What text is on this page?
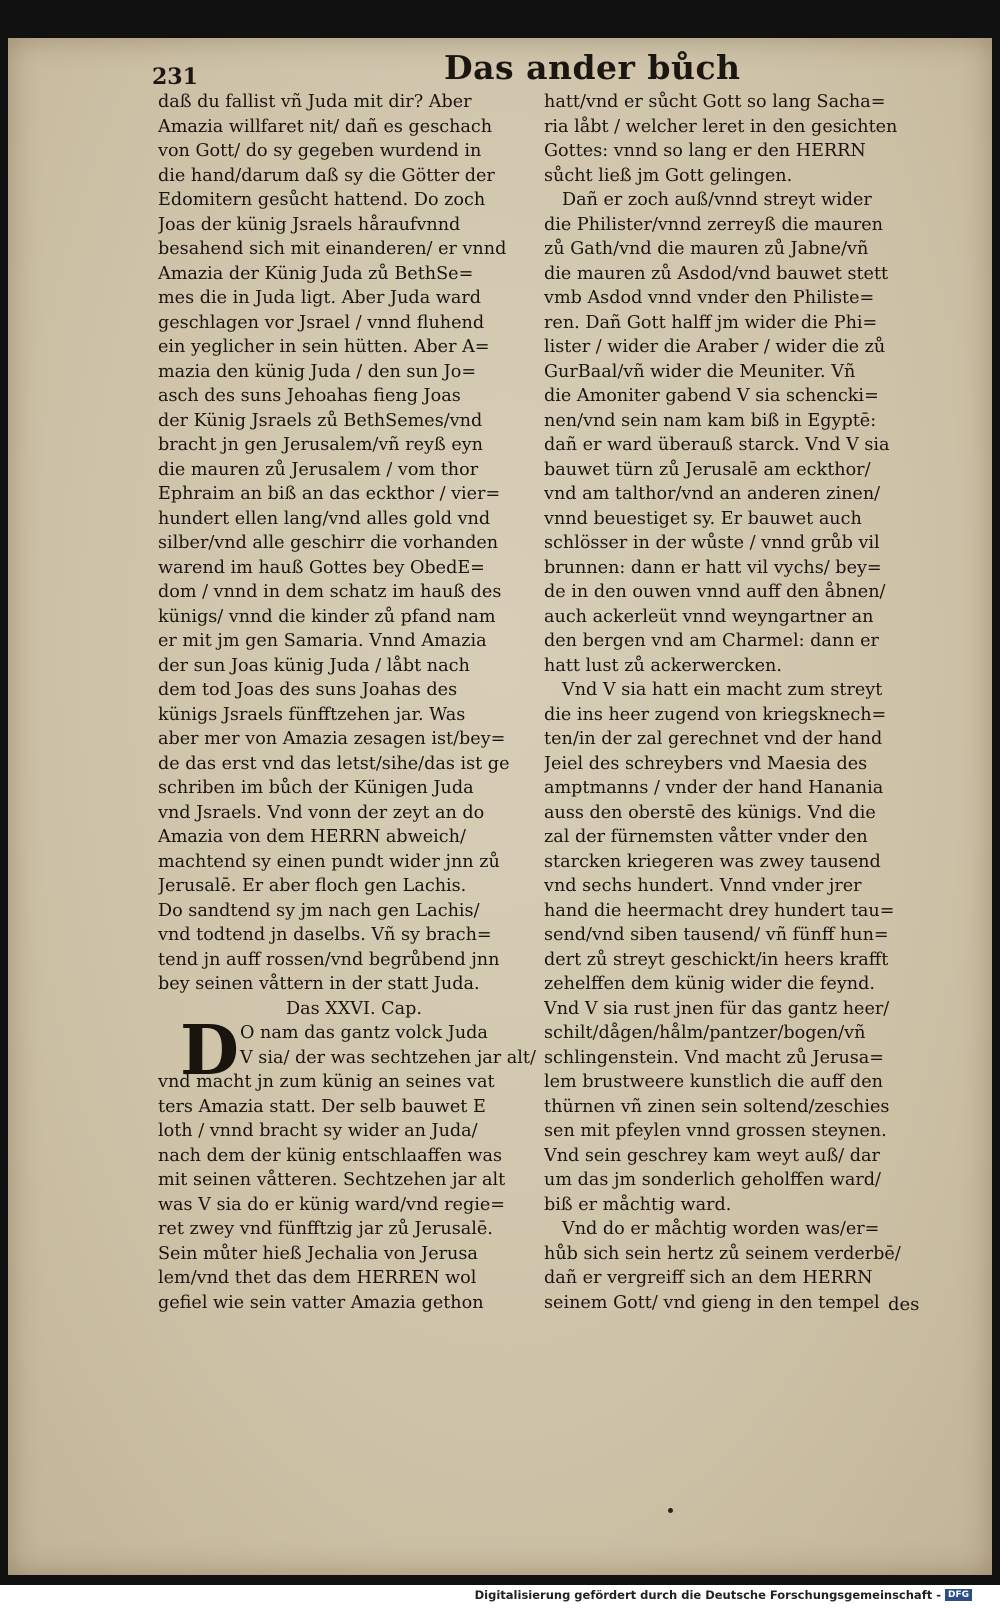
231	Das ander bůch
daß du fallist vñ Juda mit dir? Aber
Amazia willfaret nit/ dañ es geschach
von Gott/ do sy gegeben wurdend in
die hand/darum daß sy die Götter der
Edomitern gesůcht hattend. Do zoch
Joas der künig Jsraels håraufvnnd
besahend sich mit einanderen/ er vnnd
Amazia der Künig Juda zů BethSe=
mes die in Juda ligt. Aber Juda ward
geschlagen vor Jsrael / vnnd fluhend
ein yeglicher in sein hütten. Aber A=
mazia den künig Juda / den sun Jo=
asch des suns Jehoahas fieng Joas
der Künig Jsraels zů BethSemes/vnd
bracht jn gen Jerusalem/vñ reyß eyn
die mauren zů Jerusalem / vom thor
Ephraim an biß an das eckthor / vier=
hundert ellen lang/vnd alles gold vnd
silber/vnd alle geschirr die vorhanden
warend im hauß Gottes bey ObedE=
dom / vnnd in dem schatz im hauß des
künigs/ vnnd die kinder zů pfand nam
er mit jm gen Samaria. Vnnd Amazia
der sun Joas künig Juda / låbt nach
dem tod Joas des suns Joahas des
künigs Jsraels fünfftzehen jar. Was
aber mer von Amazia zesagen ist/bey=
de das erst vnd das letst/sihe/das ist ge
schriben im bůch der Künigen Juda
vnd Jsraels. Vnd vonn der zeyt an do
Amazia von dem HERRN abweich/
machtend sy einen pundt wider jnn zů
Jerusalē. Er aber floch gen Lachis.
Do sandtend sy jm nach gen Lachis/
vnd todtend jn daselbs. Vñ sy brach=
tend jn auff rossen/vnd begrůbend jnn
bey seinen våttern in der statt Juda.
Das XXVI. Cap.
D O nam das gantz volck Juda
V sia/ der was sechtzehen jar alt/
vnd macht jn zum künig an seines vat
ters Amazia statt. Der selb bauwet E
loth / vnnd bracht sy wider an Juda/
nach dem der künig entschlaaffen was
mit seinen våtteren. Sechtzehen jar alt
was V sia do er künig ward/vnd regie=
ret zwey vnd fünfftzig jar zů Jerusalē.
Sein můter hieß Jechalia von Jerusa
lem/vnd thet das dem HERREN wol
gefiel wie sein vatter Amazia gethon
hatt/vnd er sůcht Gott so lang Sacha=
ria låbt / welcher leret in den gesichten
Gottes: vnnd so lang er den HERRN
sůcht ließ jm Gott gelingen.
Dañ er zoch auß/vnnd streyt wider
die Philister/vnnd zerreyß die mauren
zů Gath/vnd die mauren zů Jabne/vñ
die mauren zů Asdod/vnd bauwet stett
vmb Asdod vnnd vnder den Philiste=
ren. Dañ Gott halff jm wider die Phi=
lister / wider die Araber / wider die zů
GurBaal/vñ wider die Meuniter. Vñ
die Amoniter gabend V sia schencki=
nen/vnd sein nam kam biß in Egyptē:
dañ er ward überauß starck. Vnd V sia
bauwet türn zů Jerusalē am eckthor/
vnd am talthor/vnd an anderen zinen/
vnnd beuestiget sy. Er bauwet auch
schlösser in der wůste / vnnd grůb vil
brunnen: dann er hatt vil vychs/ bey=
de in den ouwen vnnd auff den åbnen/
auch ackerleüt vnnd weyngartner an
den bergen vnd am Charmel: dann er
hatt lust zů ackerwercken.
Vnd V sia hatt ein macht zum streyt
die ins heer zugend von kriegsknech=
ten/in der zal gerechnet vnd der hand
Jeiel des schreybers vnd Maesia des
amptmanns / vnder der hand Hanania
auss den oberstē des künigs. Vnd die
zal der fürnemsten våtter vnder den
starcken kriegeren was zwey tausend
vnd sechs hundert. Vnnd vnder jrer
hand die heermacht drey hundert tau=
send/vnd siben tausend/ vñ fünff hun=
dert zů streyt geschickt/in heers krafft
zehelffen dem künig wider die feynd.
Vnd V sia rust jnen für das gantz heer/
schilt/dågen/hålm/pantzer/bogen/vñ
schlingenstein. Vnd macht zů Jerusa=
lem brustweere kunstlich die auff den
thürnen vñ zinen sein soltend/zeschies
sen mit pfeylen vnnd grossen steynen.
Vnd sein geschrey kam weyt auß/ dar
um das jm sonderlich geholffen ward/
biß er måchtig ward.
Vnd do er måchtig worden was/er=
hůb sich sein hertz zů seinem verderbē/
dañ er vergreiff sich an dem HERRN
seinem Gott/ vnd gieng in den tempel des
Digitalisierung gefördert durch die Deutsche Forschungsgemeinschaft - DFG
